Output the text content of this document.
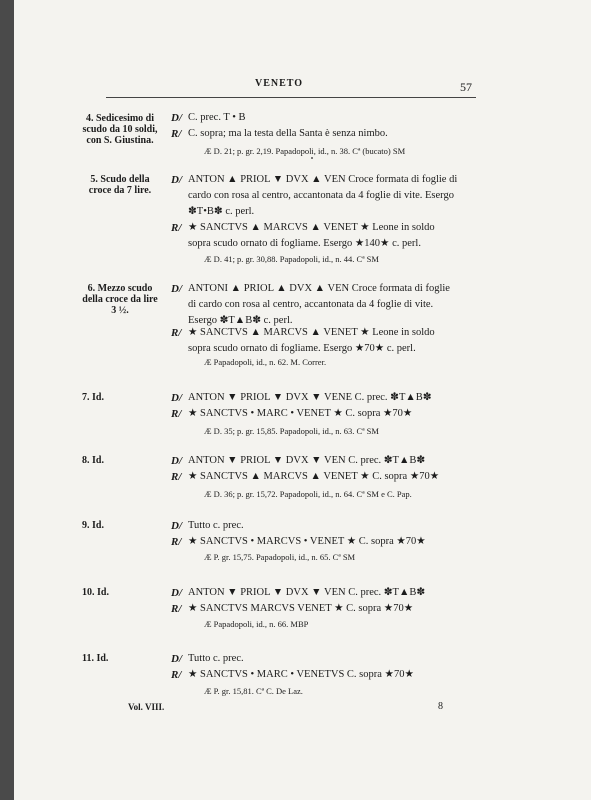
VENETO	57
4. Sedicesimo di scudo da 10 soldi, con S. Giustina.
D/ C. prec. T • B
R/ C. sopra; ma la testa della Santa è senza nimbo.
Æ D. 21; p. gr. 2,19. Papadopoli, id., n. 38. Cª (bucato) SM
5. Scudo della croce da 7 lire.
D/ ANTON ▲ PRIOL ▼ DVX ▲ VEN Croce formata di foglie di cardo con rosa al centro, accantonata da 4 foglie di vite. Esergo ✽T•B✽ c. perl.
R/ ★ SANCTVS ▲ MARCVS ▲ VENET ★ Leone in soldo sopra scudo ornato di fogliame. Esergo ★140★ c. perl.
Æ D. 41; p. gr. 30,88. Papadopoli, id., n. 44. Cª SM
6. Mezzo scudo della croce da lire 3 ½.
D/ ANTONI ▲ PRIOL ▲ DVX ▲ VEN Croce formata di foglie di cardo con rosa al centro, accantonata da 4 foglie di vite. Esergo ✽T▲B✽ c. perl.
R/ ★ SANCTVS ▲ MARCVS ▲ VENET ★ Leone in soldo sopra scudo ornato di fogliame. Esergo ★70★ c. perl.
Æ Papadopoli, id., n. 62. M. Correr.
7. Id.	D/ ANTON ▼ PRIOL ▼ DVX ▼ VENE C. prec. ✽T▲B✽
R/ ★ SANCTVS • MARC • VENET ★ C. sopra ★70★
Æ D. 35; p. gr. 15,85. Papadopoli, id., n. 63. Cª SM
8. Id.	D/ ANTON ▼ PRIOL ▼ DVX ▼ VEN C. prec. ✽T▲B✽
R/ ★ SANCTVS ▲ MARCVS ▲ VENET ★ C. sopra ★70★
Æ D. 36; p. gr. 15,72. Papadopoli, id., n. 64. Cª SM e C. Pap.
9. Id.	D/ Tutto c. prec.
R/ ★ SANCTVS • MARCVS • VENET ★ C. sopra ★70★
Æ P. gr. 15,75. Papadopoli, id., n. 65. Cª SM
10. Id.	D/ ANTON ▼ PRIOL ▼ DVX ▼ VEN C. prec. ✽T▲B✽
R/ ★ SANCTVS MARCVS VENET ★ C. sopra ★70★
Æ Papadopoli, id., n. 66. MBP
11. Id.	D/ Tutto c. prec.
R/ ★ SANCTVS • MARC • VENETVS C. sopra ★70★
Æ P. gr. 15,81. Cª C. De Laz.
Vol. VIII.	8
